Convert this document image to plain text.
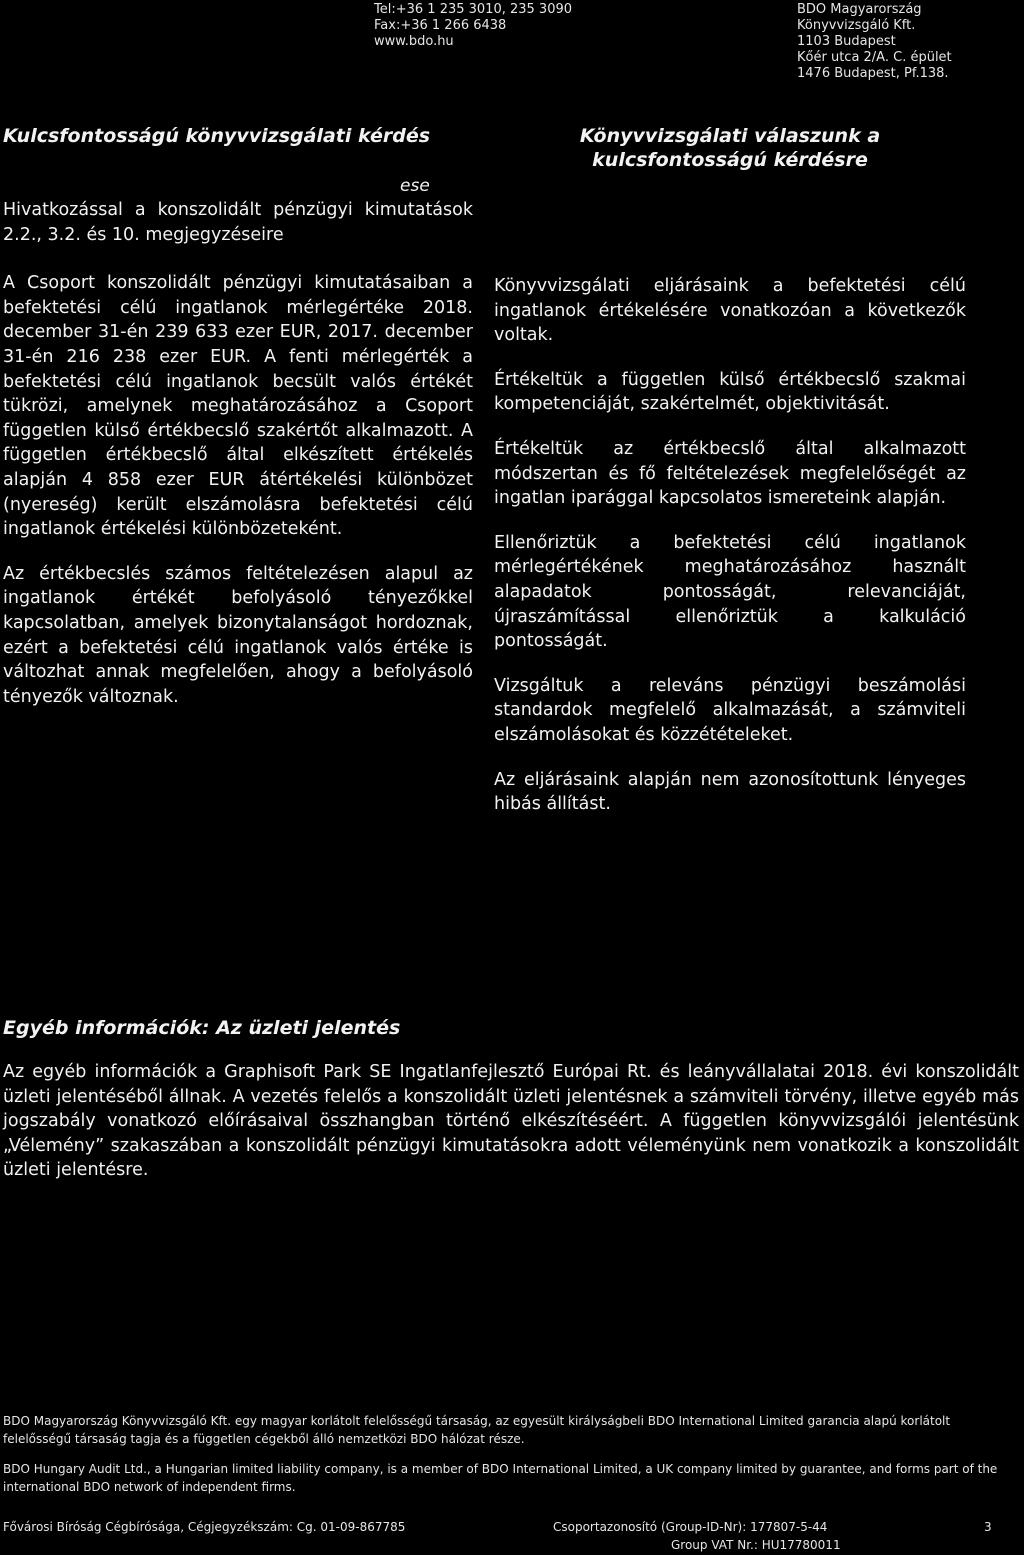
Tel:+36 1 235 3010, 235 3090
Fax:+36 1 266 6438
www.bdo.hu
BDO Magyarország
Könyvvizsgáló Kft.
1103 Budapest
Kőér utca 2/A. C. épület
1476 Budapest, Pf.138.
Kulcsfontosságú könyvvizsgálati kérdés
ese

Hivatkozással a konszolidált pénzügyi kimutatások 2.2., 3.2. és 10. megjegyzéseire

A Csoport konszolidált pénzügyi kimutatásaiban a befektetési célú ingatlanok mérlegértéke 2018. december 31-én 239 633 ezer EUR, 2017. december 31-én 216 238 ezer EUR. A fenti mérlegérték a befektetési célú ingatlanok becsült valós értékét tükrözi, amelynek meghatározásához a Csoport független külső értékbecslő szakértőt alkalmazott. A független értékbecslő által elkészített értékelés alapján 4 858 ezer EUR átértékelési különbözet (nyereség) került elszámolásra befektetési célú ingatlanok értékelési különbözeteként.

Az értékbecslés számos feltételezésen alapul az ingatlanok értékét befolyásoló tényezőkkel kapcsolatban, amelyek bizonytalanságot hordoznak, ezért a befektetési célú ingatlanok valós értéke is változhat annak megfelelően, ahogy a befolyásoló tényezők változnak.

Könyvvizsgálati válaszunk a kulcsfontosságú kérdésre

Könyvvizsgálati eljárásaink a befektetési célú ingatlanok értékelésére vonatkozóan a következők voltak.

Értékeltük a független külső értékbecslő szakmai kompetenciáját, szakértelmét, objektivitását.

Értékeltük az értékbecslő által alkalmazott módszertan és fő feltételezések megfelelőségét az ingatlan iparággal kapcsolatos ismereteink alapján.

Ellenőriztük a befektetési célú ingatlanok mérlegértékének meghatározásához használt alapadatok pontosságát, relevanciáját, újraszámítással ellenőriztük a kalkuláció pontosságát.

Vizsgáltuk a releváns pénzügyi beszámolási standardok megfelelő alkalmazását, a számviteli elszámolásokat és közzétételeket.

Az eljárásaink alapján nem azonosítottunk lényeges hibás állítást.

Egyéb információk: Az üzleti jelentés

Az egyéb információk a Graphisoft Park SE Ingatlanfejlesztő Európai Rt. és leányvállalatai 2018. évi konszolidált üzleti jelentéséből állnak. A vezetés felelős a konszolidált üzleti jelentésnek a számviteli törvény, illetve egyéb más jogszabály vonatkozó előírásaival összhangban történő elkészítéséért. A független könyvvizsgálói jelentésünk „Vélemény” szakaszában a konszolidált pénzügyi kimutatásokra adott véleményünk nem vonatkozik a konszolidált üzleti jelentésre.

BDO Magyarország Könyvvizsgáló Kft. egy magyar korlátolt felelősségű társaság, az egyesült királyságbeli BDO International Limited garancia alapú korlátolt felelősségű társaság tagja és a független cégekből álló nemzetközi BDO hálózat része.

BDO Hungary Audit Ltd., a Hungarian limited liability company, is a member of BDO International Limited, a UK company limited by guarantee, and forms part of the international BDO network of independent firms.

Fővárosi Bíróság Cégbírósága, Cégjegyzékszám: Cg. 01-09-867785	Csoportazonosító (Group-ID-Nr): 177807-5-44
Group VAT Nr.: HU17780011
3
